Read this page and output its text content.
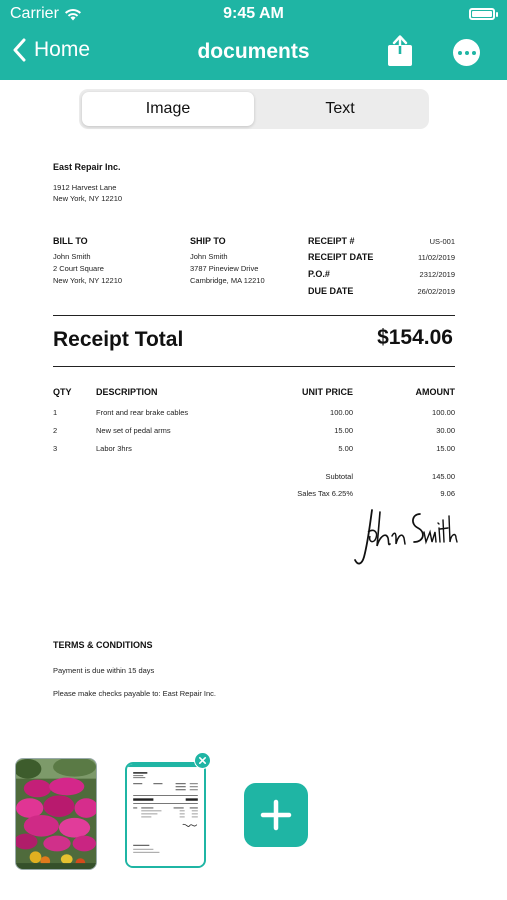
Carrier	9:45 AM
Home	documents
Image	Text
East Repair Inc.
1912 Harvest Lane
New York, NY 12210
BILL TO
John Smith
2 Court Square
New York, NY 12210
SHIP TO
John Smith
3787 Pineview Drive
Cambridge, MA 12210
RECEIPT #	US-001
RECEIPT DATE	11/02/2019
P.O.#	2312/2019
DUE DATE	26/02/2019
Receipt Total	$154.06
QTY	DESCRIPTION	UNIT PRICE	AMOUNT
1	Front and rear brake cables	100.00	100.00
2	New set of pedal arms	15.00	30.00
3	Labor 3hrs	5.00	15.00
Subtotal	145.00
Sales Tax 6.25%	9.06
TERMS & CONDITIONS
Payment is due within 15 days
Please make checks payable to: East Repair Inc.
